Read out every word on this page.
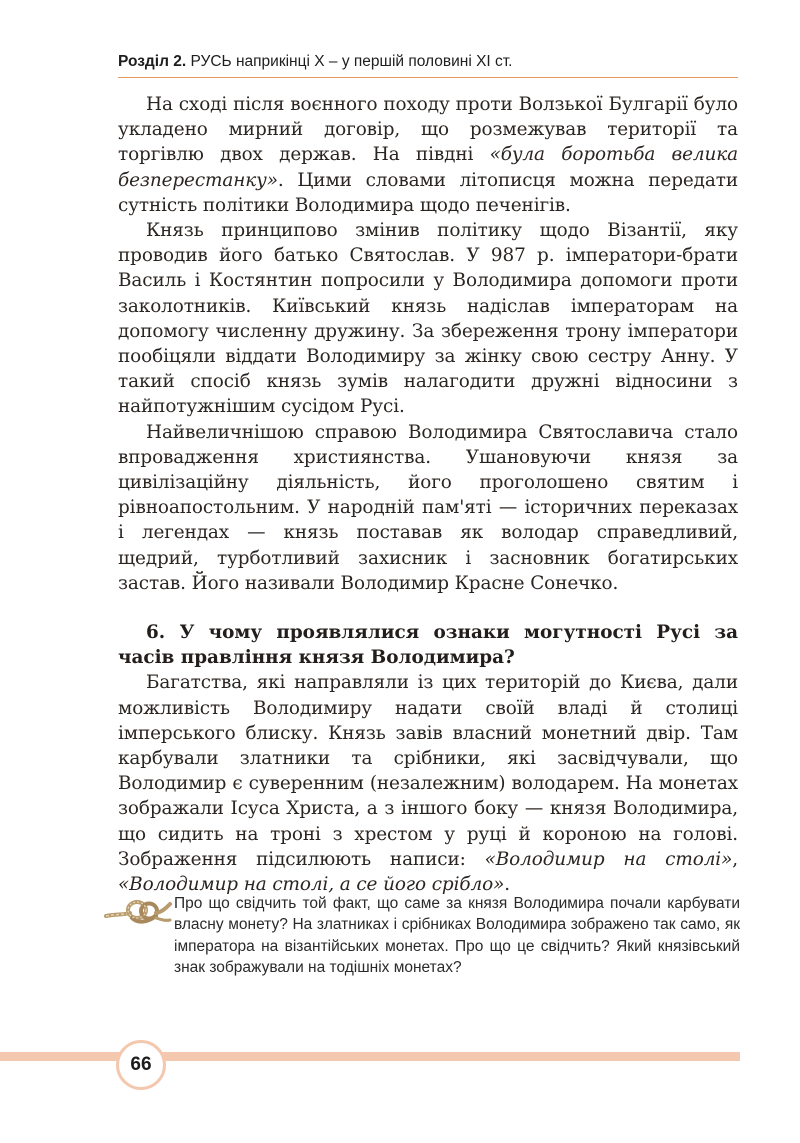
Розділ 2. РУСЬ наприкінці Х – у першій половині ХІ ст.

На сході після воєнного походу проти Волзької Булгарії було укладено мирний договір, що розмежував території та торгівлю двох держав. На півдні «була боротьба велика безперестанку». Цими словами літописця можна передати сутність політики Володимира щодо печенігів.

Князь принципово змінив політику щодо Візантії, яку проводив його батько Святослав. У 987 р. імператори-брати Василь і Костянтин попросили у Володимира допомоги проти заколотників. Київський князь надіслав імператорам на допомогу численну дружину. За збереження трону імператори пообіцяли віддати Володимиру за жінку свою сестру Анну. У такий спосіб князь зумів налагодити дружні відносини з найпотужнішим сусідом Русі.

Найвеличнішою справою Володимира Святославича стало впровадження християнства. Ушановуючи князя за цивілізаційну діяльність, його проголошено святим і рівноапостольним. У народній пам'яті — історичних переказах і легендах — князь поставав як володар справедливий, щедрий, турботливий захисник і засновник богатирських застав. Його називали Володимир Красне Сонечко.

6. У чому проявлялися ознаки могутності Русі за часів правління князя Володимира?

Багатства, які направляли із цих територій до Києва, дали можливість Володимиру надати своїй владі й столиці імперського блиску. Князь завів власний монетний двір. Там карбували златники та срібники, які засвідчували, що Володимир є суверенним (незалежним) володарем. На монетах зображали Ісуса Христа, а з іншого боку — князя Володимира, що сидить на троні з хрестом у руці й короною на голові. Зображення підсилюють написи: «Володимир на столі», «Володимир на столі, а се його срібло».

Про що свідчить той факт, що саме за князя Володимира почали карбувати власну монету? На златниках і срібниках Володимира зображено так само, як імператора на візантійських монетах. Про що це свідчить? Який князівський знак зображували на тодішніх монетах?
66
